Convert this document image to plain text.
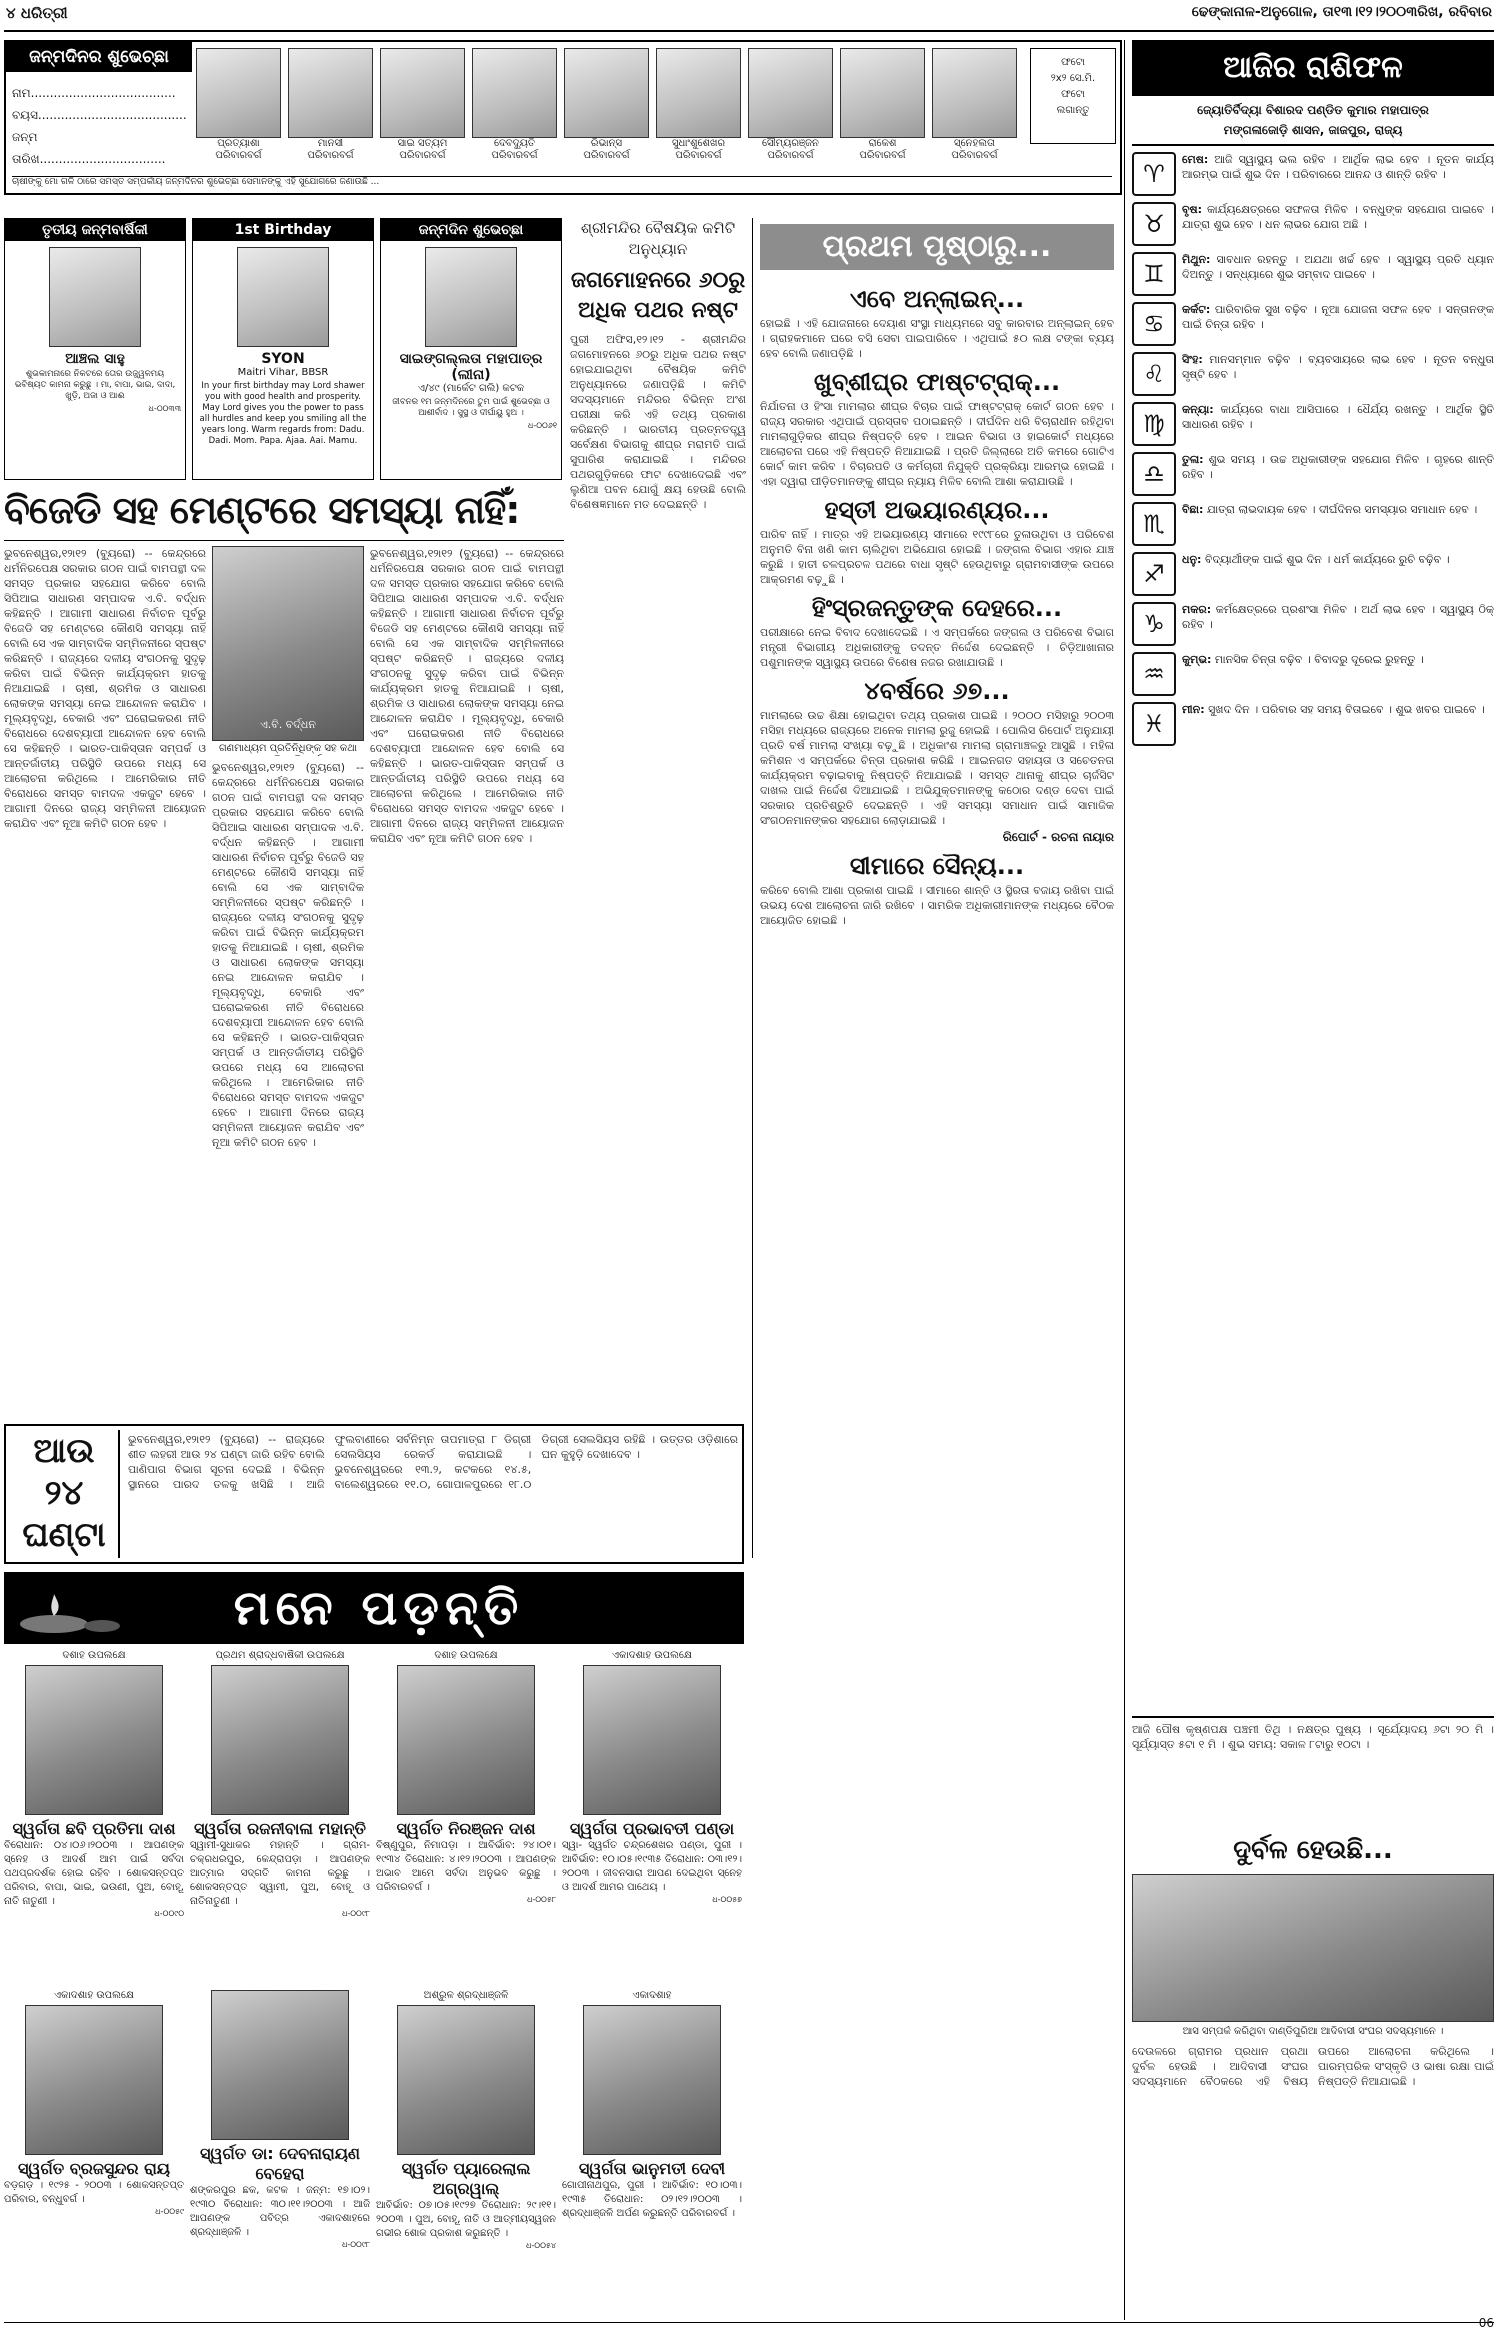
୪ ଧରିତ୍ରୀ	ଢେଙ୍କାନାଳ-ଅନୁଗୋଳ, ତା୧୩।୧୨।୨୦୦୩ରିଖ, ରବିବାର
ଜନ୍ମଦିନର ଶୁଭେଚ୍ଛା
ନାମ......................................
ବୟସ.......................................
ଜନ୍ମ ତାରିଖ.................................
ପ୍ରତ୍ୟାଶା
ପରିବାରବର୍ଗ
ମାନସୀ
ପରିବାରବର୍ଗ
ସାଇ ସତ୍ୟମ
ପରିବାରବର୍ଗ
ଦେବଦ୍ୟୁତି
ପରିବାରବର୍ଗ
ରିଭାନ୍ସ
ପରିବାରବର୍ଗ
ସୁଧାଂଶୁଶେଖର
ପରିବାରବର୍ଗ
ସୌମ୍ୟରଞ୍ଜନ
ପରିବାରବର୍ଗ
ରାକେଶ
ପରିବାରବର୍ଗ
ସ୍ନେହଲତା
ପରିବାରବର୍ଗ
ଫଟୋ
୨x୨ ସେ.ମି.
ଫଟୋ
ଲଗାନ୍ତୁ
ଚାଷୀଙ୍କୁ ମୋ ଗଳି ଠାରେ ସମସ୍ତ ସମ୍ପର୍କୀୟ ଜନ୍ମଦିନର ଶୁଭେଚ୍ଛା ସେମାନଙ୍କୁ ଏହି ସୁଯୋଗରେ ଜଣାଉଛି ...
ତୃତୀୟ ଜନ୍ମବାର୍ଷିକୀ
ଆଞ୍ଚଲ ସାହୁ
ଶୁଭକାମନାରେ ନିକଟରେ ତୋର ଉଜ୍ଜ୍ୱଳମୟ ଭବିଷ୍ୟତ କାମନା କରୁଛୁ । ମା, ବାପା, ଭାଇ, ଦାଦା, ଖୁଡ଼ି, ଅଜା ଓ ଆଈ
ଧ-୦୦୩୩
1st Birthday
SYON
Maitri Vihar, BBSR
In your first birthday may Lord shawer you with good health and prosperity. May Lord gives you the power to pass all hurdles and keep you smiling all the years long. Warm regards from: Dadu. Dadi. Mom. Papa. Ajaa. Aai. Mamu.
ଜନ୍ମଦିନ ଶୁଭେଚ୍ଛା
ସାଇଙ୍ଗଲ୍ଲତା ମହାପାତ୍ର (ଲୀନା)
ଏ/୪୯ (ମାର୍କେଟ ଗଲି) କଟକ
ଜୀବନର ୧ମ ଜନ୍ମଦିନରେ ତୁମ ପାଇଁ ଶୁଭେଚ୍ଛା ଓ ଆଶୀର୍ବାଦ । ସୁସ୍ଥ ଓ ଦୀର୍ଘାୟୁ ହୁଅ ।
ଧ-୦୦୬୧
ଶ୍ରୀମନ୍ଦିର ବୈଷୟିକ କମିଟି ଅନୁଧ୍ୟାନ
ଜଗମୋହନରେ ୬୦ରୁ ଅଧିକ ପଥର ନଷ୍ଟ
ପୁରୀ ଅଫିସ,୧୨।୧୨ - ଶ୍ରୀମନ୍ଦିର ଜଗମୋହନରେ ୬୦ରୁ ଅଧିକ ପଥର ନଷ୍ଟ ହୋଇଯାଇଥିବା ବୈଷୟିକ କମିଟି ଅନୁଧ୍ୟାନରେ ଜଣାପଡ଼ିଛି । କମିଟି ସଦସ୍ୟମାନେ ମନ୍ଦିରର ବିଭିନ୍ନ ଅଂଶ ପରୀକ୍ଷା କରି ଏହି ତଥ୍ୟ ପ୍ରକାଶ କରିଛନ୍ତି । ଭାରତୀୟ ପ୍ରତ୍ନତତ୍ତ୍ୱ ସର୍ବେକ୍ଷଣ ବିଭାଗକୁ ଶୀଘ୍ର ମରାମତି ପାଇଁ ସୁପାରିଶ କରାଯାଇଛି । ମନ୍ଦିରର ପଥରଗୁଡ଼ିକରେ ଫାଟ ଦେଖାଦେଇଛି ଏବଂ ଲୁଣିଆ ପବନ ଯୋଗୁଁ କ୍ଷୟ ହେଉଛି ବୋଲି ବିଶେଷଜ୍ଞମାନେ ମତ ଦେଇଛନ୍ତି ।
ବିଜେଡି ସହ ମେଣ୍ଟରେ ସମସ୍ୟା ନାହିଁ:
ଭୁବନେଶ୍ୱର,୧୨ା୧୨ (ବ୍ୟୁରୋ) -- କେନ୍ଦ୍ରରେ ଧର୍ମନିରପେକ୍ଷ ସରକାର ଗଠନ ପାଇଁ ବାମପନ୍ଥୀ ଦଳ ସମସ୍ତ ପ୍ରକାର ସହଯୋଗ କରିବେ ବୋଲି ସିପିଆଇ ସାଧାରଣ ସମ୍ପାଦକ ଏ.ବି. ବର୍ଦ୍ଧନ କହିଛନ୍ତି । ଆଗାମୀ ସାଧାରଣ ନିର୍ବାଚନ ପୂର୍ବରୁ ବିଜେଡି ସହ ମେଣ୍ଟରେ କୌଣସି ସମସ୍ୟା ନାହିଁ ବୋଲି ସେ ଏକ ସାମ୍ବାଦିକ ସମ୍ମିଳନୀରେ ସ୍ପଷ୍ଟ କରିଛନ୍ତି । ରାଜ୍ୟରେ ଦଳୀୟ ସଂଗଠନକୁ ସୁଦୃଢ଼ କରିବା ପାଇଁ ବିଭିନ୍ନ କାର୍ଯ୍ୟକ୍ରମ ହାତକୁ ନିଆଯାଇଛି । ଚାଷୀ, ଶ୍ରମିକ ଓ ସାଧାରଣ ଲୋକଙ୍କ ସମସ୍ୟା ନେଇ ଆନ୍ଦୋଳନ କରାଯିବ । ମୂଲ୍ୟବୃଦ୍ଧି, ବେକାରି ଏବଂ ଘରୋଇକରଣ ନୀତି ବିରୋଧରେ ଦେଶବ୍ୟାପୀ ଆନ୍ଦୋଳନ ହେବ ବୋଲି ସେ କହିଛନ୍ତି । ଭାରତ-ପାକିସ୍ତାନ ସମ୍ପର୍କ ଓ ଆନ୍ତର୍ଜାତୀୟ ପରିସ୍ଥିତି ଉପରେ ମଧ୍ୟ ସେ ଆଲୋଚନା କରିଥିଲେ । ଆମେରିକାର ନୀତି ବିରୋଧରେ ସମସ୍ତ ବାମଦଳ ଏକଜୁଟ ହେବେ । ଆଗାମୀ ଦିନରେ ରାଜ୍ୟ ସମ୍ମିଳନୀ ଆୟୋଜନ କରାଯିବ ଏବଂ ନୂଆ କମିଟି ଗଠନ ହେବ ।
ଏ.ବି. ବର୍ଦ୍ଧନ
ଗଣମାଧ୍ୟମ ପ୍ରତିନିଧିଙ୍କ ସହ କଥା
ଭୁବନେଶ୍ୱର,୧୨ା୧୨ (ବ୍ୟୁରୋ) -- କେନ୍ଦ୍ରରେ ଧର୍ମନିରପେକ୍ଷ ସରକାର ଗଠନ ପାଇଁ ବାମପନ୍ଥୀ ଦଳ ସମସ୍ତ ପ୍ରକାର ସହଯୋଗ କରିବେ ବୋଲି ସିପିଆଇ ସାଧାରଣ ସମ୍ପାଦକ ଏ.ବି. ବର୍ଦ୍ଧନ କହିଛନ୍ତି । ଆଗାମୀ ସାଧାରଣ ନିର୍ବାଚନ ପୂର୍ବରୁ ବିଜେଡି ସହ ମେଣ୍ଟରେ କୌଣସି ସମସ୍ୟା ନାହିଁ ବୋଲି ସେ ଏକ ସାମ୍ବାଦିକ ସମ୍ମିଳନୀରେ ସ୍ପଷ୍ଟ କରିଛନ୍ତି । ରାଜ୍ୟରେ ଦଳୀୟ ସଂଗଠନକୁ ସୁଦୃଢ଼ କରିବା ପାଇଁ ବିଭିନ୍ନ କାର୍ଯ୍ୟକ୍ରମ ହାତକୁ ନିଆଯାଇଛି । ଚାଷୀ, ଶ୍ରମିକ ଓ ସାଧାରଣ ଲୋକଙ୍କ ସମସ୍ୟା ନେଇ ଆନ୍ଦୋଳନ କରାଯିବ । ମୂଲ୍ୟବୃଦ୍ଧି, ବେକାରି ଏବଂ ଘରୋଇକରଣ ନୀତି ବିରୋଧରେ ଦେଶବ୍ୟାପୀ ଆନ୍ଦୋଳନ ହେବ ବୋଲି ସେ କହିଛନ୍ତି । ଭାରତ-ପାକିସ୍ତାନ ସମ୍ପର୍କ ଓ ଆନ୍ତର୍ଜାତୀୟ ପରିସ୍ଥିତି ଉପରେ ମଧ୍ୟ ସେ ଆଲୋଚନା କରିଥିଲେ । ଆମେରିକାର ନୀତି ବିରୋଧରେ ସମସ୍ତ ବାମଦଳ ଏକଜୁଟ ହେବେ । ଆଗାମୀ ଦିନରେ ରାଜ୍ୟ ସମ୍ମିଳନୀ ଆୟୋଜନ କରାଯିବ ଏବଂ ନୂଆ କମିଟି ଗଠନ ହେବ ।
ଭୁବନେଶ୍ୱର,୧୨ା୧୨ (ବ୍ୟୁରୋ) -- କେନ୍ଦ୍ରରେ ଧର୍ମନିରପେକ୍ଷ ସରକାର ଗଠନ ପାଇଁ ବାମପନ୍ଥୀ ଦଳ ସମସ୍ତ ପ୍ରକାର ସହଯୋଗ କରିବେ ବୋଲି ସିପିଆଇ ସାଧାରଣ ସମ୍ପାଦକ ଏ.ବି. ବର୍ଦ୍ଧନ କହିଛନ୍ତି । ଆଗାମୀ ସାଧାରଣ ନିର୍ବାଚନ ପୂର୍ବରୁ ବିଜେଡି ସହ ମେଣ୍ଟରେ କୌଣସି ସମସ୍ୟା ନାହିଁ ବୋଲି ସେ ଏକ ସାମ୍ବାଦିକ ସମ୍ମିଳନୀରେ ସ୍ପଷ୍ଟ କରିଛନ୍ତି । ରାଜ୍ୟରେ ଦଳୀୟ ସଂଗଠନକୁ ସୁଦୃଢ଼ କରିବା ପାଇଁ ବିଭିନ୍ନ କାର୍ଯ୍ୟକ୍ରମ ହାତକୁ ନିଆଯାଇଛି । ଚାଷୀ, ଶ୍ରମିକ ଓ ସାଧାରଣ ଲୋକଙ୍କ ସମସ୍ୟା ନେଇ ଆନ୍ଦୋଳନ କରାଯିବ । ମୂଲ୍ୟବୃଦ୍ଧି, ବେକାରି ଏବଂ ଘରୋଇକରଣ ନୀତି ବିରୋଧରେ ଦେଶବ୍ୟାପୀ ଆନ୍ଦୋଳନ ହେବ ବୋଲି ସେ କହିଛନ୍ତି । ଭାରତ-ପାକିସ୍ତାନ ସମ୍ପର୍କ ଓ ଆନ୍ତର୍ଜାତୀୟ ପରିସ୍ଥିତି ଉପରେ ମଧ୍ୟ ସେ ଆଲୋଚନା କରିଥିଲେ । ଆମେରିକାର ନୀତି ବିରୋଧରେ ସମସ୍ତ ବାମଦଳ ଏକଜୁଟ ହେବେ । ଆଗାମୀ ଦିନରେ ରାଜ୍ୟ ସମ୍ମିଳନୀ ଆୟୋଜନ କରାଯିବ ଏବଂ ନୂଆ କମିଟି ଗଠନ ହେବ ।
ଆଉ ୨୪ ଘଣ୍ଟା
ଭୁବନେଶ୍ୱର,୧୨ା୧୨ (ବ୍ୟୁରୋ) -- ରାଜ୍ୟରେ ଶୀତ ଲହରୀ ଆଉ ୨୪ ଘଣ୍ଟା ଜାରି ରହିବ ବୋଲି ପାଣିପାଗ ବିଭାଗ ସୂଚନା ଦେଇଛି । ବିଭିନ୍ନ ସ୍ଥାନରେ ପାରଦ ତଳକୁ ଖସିଛି । ଆଜି ଫୁଲବାଣୀରେ ସର୍ବନିମ୍ନ ତାପମାତ୍ରା ୮ ଡିଗ୍ରୀ ସେଲସିୟସ ରେକର୍ଡ କରାଯାଇଛି । ଭୁବନେଶ୍ୱରରେ ୧୩.୨, କଟକରେ ୧୪.୫, ବାଲେଶ୍ୱରରେ ୧୧.୦, ଗୋପାଳପୁରରେ ୧୮.୦ ଡିଗ୍ରୀ ସେଲସିୟସ ରହିଛି । ଉତ୍ତର ଓଡ଼ିଶାରେ ଘନ କୁହୁଡ଼ି ଦେଖାଦେବ ।
ମନେ ପଡ଼ନ୍ତି
ଦଶାହ ଉପଲକ୍ଷେ
ସ୍ୱର୍ଗତା ଛବି ପ୍ରତିମା ଦାଶ
ବିରୋଧାନ: ୦୪।୦୬।୨୦୦୩ । ଆପଣଙ୍କ ସ୍ନେହ ଓ ଆଦର୍ଶ ଆମ ପାଇଁ ସର୍ବଦା ପଥପ୍ରଦର୍ଶକ ହୋଇ ରହିବ । ଶୋକସନ୍ତପ୍ତ ପରିବାର, ବାପା, ଭାଇ, ଭଉଣୀ, ପୁଅ, ବୋହୂ, ନାତି ନାତୁଣୀ ।
ଧ-୦୦୯୦
ପ୍ରଥମ ଶ୍ରାଦ୍ଧବାର୍ଷିକୀ ଉପଲକ୍ଷେ
ସ୍ୱର୍ଗତା ରଜନୀବାଳା ମହାନ୍ତି
ସ୍ୱାମୀ-ସୁଧାକର ମହାନ୍ତି । ଗ୍ରାମ-ଚକ୍ରଧରପୁର, କେନ୍ଦ୍ରାପଡ଼ା । ଆପଣଙ୍କ ଆତ୍ମାର ସଦ୍‌ଗତି କାମନା କରୁଛୁ । ଶୋକସନ୍ତପ୍ତ ସ୍ୱାମୀ, ପୁଅ, ବୋହୂ ଓ ନାତିନାତୁଣୀ ।
ଧ-୦୦୯୮
ଦଶାହ ଉପଲକ୍ଷେ
ସ୍ୱର୍ଗତ ନିରଞ୍ଜନ ଦାଶ
ବିଷ୍ଣୁପୁର, ନିମାପଡ଼ା । ଆବିର୍ଭାବ: ୨୪।୦୧।୧୯୩୪ ତିରୋଧାନ: ୪।୧୨।୨୦୦୩ । ଆପଣଙ୍କ ଅଭାବ ଆମେ ସର୍ବଦା ଅନୁଭବ କରୁଛୁ । ପରିବାରବର୍ଗ ।
ଧ-୦୦୫୮
ଏକାଦଶାହ ଉପଲକ୍ଷେ
ସ୍ୱର୍ଗତା ପ୍ରଭାବତୀ ପଣ୍ଡା
ସ୍ୱା- ସ୍ୱର୍ଗତ ଚନ୍ଦ୍ରଶେଖର ପଣ୍ଡା, ପୁରୀ । ଆବିର୍ଭାବ: ୧୦।୦୫।୧୯୩୫ ତିରୋଧାନ: ୦୩।୧୨।୨୦୦୩ । ଜୀବନସାରା ଆପଣ ଦେଇଥିବା ସ୍ନେହ ଓ ଆଦର୍ଶ ଆମର ପାଥେୟ ।
ଧ-୦୦୫୭
ଏକାଦଶାହ ଉପଲକ୍ଷେ
ସ୍ୱର୍ଗତ ବ୍ରଜସୁନ୍ଦର ରାୟ
ବଡ଼ଗଡ଼ । ୧୯୨୫ - ୨୦୦୩ । ଶୋକସନ୍ତପ୍ତ ପରିବାର, ବନ୍ଧୁବର୍ଗ ।
ଧ-୦୦୫୯
ସ୍ୱର୍ଗତ ଡା: ଦେବନାରାୟଣ ବେହେରା
ଶଙ୍କରପୁର ଛକ, କଟକ । ଜନ୍ମ: ୧୭।୦୨।୧୯୩୦ ବିରୋଧାନ: ୩୦।୧୧।୨୦୦୩ । ଆଜି ଆପଣଙ୍କ ପବିତ୍ର ଏକାଦଶାହରେ ଶ୍ରଦ୍ଧାଞ୍ଜଳି ।
ଧ-୦୦୯୮
ଅଶ୍ରୁଳ ଶ୍ରଦ୍ଧାଞ୍ଜଳି
ସ୍ୱର୍ଗତ ପ୍ୟାରେଲାଲ ଅଗ୍ରୱାଲ୍
ଆବିର୍ଭାବ: ୦୭।୦୫।୧୯୨୭ ତିରୋଧାନ: ୨୯।୧୧।୨୦୦୩ । ପୁଅ, ବୋହୂ, ନାତି ଓ ଆତ୍ମୀୟସ୍ୱଜନ ଗଭୀର ଶୋକ ପ୍ରକାଶ କରୁଛନ୍ତି ।
ଧ-୦୦୫୪
ଏକାଦଶାହ
ସ୍ୱର୍ଗତା ଭାନୁମତୀ ଦେବୀ
ଗୋପୀନାଥପୁର, ପୁରୀ । ଆବିର୍ଭାବ: ୧୦।୦୩।୧୯୩୫ ତିରୋଧାନ: ୦୨।୧୨।୨୦୦୩ । ଶ୍ରଦ୍ଧାଞ୍ଜଳି ଅର୍ପଣ କରୁଛନ୍ତି ପରିବାରବର୍ଗ ।
ପ୍ରଥମ ପୃଷ୍ଠାରୁ...
ଏବେ ଅନ୍‌ଲାଇନ୍...
ହୋଇଛି । ଏହି ଯୋଜନାରେ ଦେୟାଣ ସଂସ୍ଥା ମାଧ୍ୟମରେ ସବୁ କାରବାର ଅନ୍‌ଲାଇନ୍ ହେବ । ଗ୍ରାହକମାନେ ଘରେ ବସି ସେବା ପାଇପାରିବେ । ଏଥିପାଇଁ ୫୦ ଲକ୍ଷ ଟଙ୍କା ବ୍ୟୟ ହେବ ବୋଲି ଜଣାପଡ଼ିଛି ।
ଖୁବ୍‌ଶୀଘ୍ର ଫାଷ୍ଟଟ୍ରାକ୍...
ନିର୍ଯାତନା ଓ ହିଂସା ମାମଲାର ଶୀଘ୍ର ବିଚାର ପାଇଁ ଫାଷ୍ଟଟ୍ରାକ୍ କୋର୍ଟ ଗଠନ ହେବ । ରାଜ୍ୟ ସରକାର ଏଥିପାଇଁ ପ୍ରସ୍ତାବ ପଠାଇଛନ୍ତି । ଦୀର୍ଘଦିନ ଧରି ବିଚାରାଧୀନ ରହିଥିବା ମାମଲାଗୁଡ଼ିକର ଶୀଘ୍ର ନିଷ୍ପତ୍ତି ହେବ । ଆଇନ ବିଭାଗ ଓ ହାଇକୋର୍ଟ ମଧ୍ୟରେ ଆଲୋଚନା ପରେ ଏହି ନିଷ୍ପତ୍ତି ନିଆଯାଇଛି । ପ୍ରତି ଜିଲ୍ଲାରେ ଅତି କମରେ ଗୋଟିଏ କୋର୍ଟ କାମ କରିବ । ବିଚାରପତି ଓ କର୍ମଚାରୀ ନିଯୁକ୍ତି ପ୍ରକ୍ରିୟା ଆରମ୍ଭ ହୋଇଛି । ଏହା ଦ୍ୱାରା ପୀଡ଼ିତମାନଙ୍କୁ ଶୀଘ୍ର ନ୍ୟାୟ ମିଳିବ ବୋଲି ଆଶା କରାଯାଉଛି ।
ହସ୍ତୀ ଅଭୟାରଣ୍ୟର...
ପାରିବ ନାହିଁ । ମାତ୍ର ଏହି ଅଭୟାରଣ୍ୟ ସୀମାରେ ୧୯୯୮ରେ ତୁଳାଉଥିବା ଓ ପରିବେଶ ଅନୁମତି ବିନା ଖଣି କାମ ଚାଲିଥିବା ଅଭିଯୋଗ ହୋଇଛି । ଜଙ୍ଗଲ ବିଭାଗ ଏହାର ଯାଞ୍ଚ କରୁଛି । ହାତୀ ଚଳପ୍ରଚଳ ପଥରେ ବାଧା ସୃଷ୍ଟି ହେଉଥିବାରୁ ଗ୍ରାମବାସୀଙ୍କ ଉପରେ ଆକ୍ରମଣ ବଢ଼ୁଛି ।
ହିଂସ୍ରଜନ୍ତୁଙ୍କ ଦେହରେ...
ପରୀକ୍ଷାରେ ନେଇ ବିବାଦ ଦେଖାଦେଇଛି । ଏ ସମ୍ପର୍କରେ ଜଙ୍ଗଲ ଓ ପରିବେଶ ବିଭାଗ ମନ୍ତ୍ରୀ ବିଭାଗୀୟ ଅଧିକାରୀଙ୍କୁ ତଦନ୍ତ ନିର୍ଦ୍ଦେଶ ଦେଇଛନ୍ତି । ଚିଡ଼ିଆଖାନାର ପଶୁମାନଙ୍କ ସ୍ୱାସ୍ଥ୍ୟ ଉପରେ ବିଶେଷ ନଜର ରଖାଯାଉଛି ।
୪ବର୍ଷରେ ୬୭...
ମାମଲାରେ ଉଚ୍ଚ ଶିକ୍ଷା ହୋଇଥିବା ତଥ୍ୟ ପ୍ରକାଶ ପାଇଛି । ୨୦୦୦ ମସିହାରୁ ୨୦୦୩ ମସିହା ମଧ୍ୟରେ ରାଜ୍ୟରେ ଅନେକ ମାମଲା ରୁଜୁ ହୋଇଛି । ପୋଲିସ ରିପୋର୍ଟ ଅନୁଯାୟୀ ପ୍ରତି ବର୍ଷ ମାମଲା ସଂଖ୍ୟା ବଢ଼ୁଛି । ଅଧିକାଂଶ ମାମଲା ଗ୍ରାମାଞ୍ଚଳରୁ ଆସୁଛି । ମହିଳା କମିଶନ ଏ ସମ୍ପର୍କରେ ଚିନ୍ତା ପ୍ରକାଶ କରିଛି । ଆଇନଗତ ସହାୟତା ଓ ସଚେତନତା କାର୍ଯ୍ୟକ୍ରମ ବଢ଼ାଇବାକୁ ନିଷ୍ପତ୍ତି ନିଆଯାଇଛି । ସମସ୍ତ ଥାନାକୁ ଶୀଘ୍ର ଚାର୍ଜସିଟ ଦାଖଲ ପାଇଁ ନିର୍ଦ୍ଦେଶ ଦିଆଯାଇଛି । ଅଭିଯୁକ୍ତମାନଙ୍କୁ କଠୋର ଦଣ୍ଡ ଦେବା ପାଇଁ ସରକାର ପ୍ରତିଶ୍ରୁତି ଦେଇଛନ୍ତି । ଏହି ସମସ୍ୟା ସମାଧାନ ପାଇଁ ସାମାଜିକ ସଂଗଠନମାନଙ୍କର ସହଯୋଗ ଲୋଡ଼ାଯାଇଛି ।
ରିପୋର୍ଟ - ରଚନା ନାୟାର
ସୀମାରେ ସୈନ୍ୟ...
କରିବେ ବୋଲି ଆଶା ପ୍ରକାଶ ପାଇଛି । ସୀମାରେ ଶାନ୍ତି ଓ ସ୍ଥିରତା ବଜାୟ ରଖିବା ପାଇଁ ଉଭୟ ଦେଶ ଆଲୋଚନା ଜାରି ରଖିବେ । ସାମରିକ ଅଧିକାରୀମାନଙ୍କ ମଧ୍ୟରେ ବୈଠକ ଆୟୋଜିତ ହୋଇଛି ।
ଆଜିର ରାଶିଫଳ
ଜ୍ୟୋତିର୍ବିଦ୍ୟା ବିଶାରଦ ପଣ୍ଡିତ କୁମାର ମହାପାତ୍ର
ମଙ୍ଗଳାଜୋଡ଼ି ଶାସନ, ଜାଜପୁର, ରାଜ୍ୟ
♈
ମେଷ: ଆଜି ସ୍ୱାସ୍ଥ୍ୟ ଭଲ ରହିବ । ଆର୍ଥିକ ଲାଭ ହେବ । ନୂତନ କାର୍ଯ୍ୟ ଆରମ୍ଭ ପାଇଁ ଶୁଭ ଦିନ । ପରିବାରରେ ଆନନ୍ଦ ଓ ଶାନ୍ତି ରହିବ ।
♉
ବୃଷ: କାର୍ଯ୍ୟକ୍ଷେତ୍ରରେ ସଫଳତା ମିଳିବ । ବନ୍ଧୁଙ୍କ ସହଯୋଗ ପାଇବେ । ଯାତ୍ରା ଶୁଭ ହେବ । ଧନ ଲାଭର ଯୋଗ ଅଛି ।
♊
ମିଥୁନ: ସାବଧାନ ରହନ୍ତୁ । ଅଯଥା ଖର୍ଚ୍ଚ ହେବ । ସ୍ୱାସ୍ଥ୍ୟ ପ୍ରତି ଧ୍ୟାନ ଦିଅନ୍ତୁ । ସନ୍ଧ୍ୟାରେ ଶୁଭ ସମ୍ବାଦ ପାଇବେ ।
♋
କର୍କଟ: ପାରିବାରିକ ସୁଖ ବଢ଼ିବ । ନୂଆ ଯୋଜନା ସଫଳ ହେବ । ସନ୍ତାନଙ୍କ ପାଇଁ ଚିନ୍ତା ରହିବ ।
♌
ସିଂହ: ମାନସମ୍ମାନ ବଢ଼ିବ । ବ୍ୟବସାୟରେ ଲାଭ ହେବ । ନୂତନ ବନ୍ଧୁତା ସୃଷ୍ଟି ହେବ ।
♍
କନ୍ୟା: କାର୍ଯ୍ୟରେ ବାଧା ଆସିପାରେ । ଧୈର୍ଯ୍ୟ ରଖନ୍ତୁ । ଆର୍ଥିକ ସ୍ଥିତି ସାଧାରଣ ରହିବ ।
♎
ତୁଳା: ଶୁଭ ସମୟ । ଉଚ୍ଚ ଅଧିକାରୀଙ୍କ ସହଯୋଗ ମିଳିବ । ଗୃହରେ ଶାନ୍ତି ରହିବ ।
♏
ବିଛା: ଯାତ୍ରା ଲାଭଦାୟକ ହେବ । ଦୀର୍ଘଦିନର ସମସ୍ୟାର ସମାଧାନ ହେବ ।
♐
ଧନୁ: ବିଦ୍ୟାର୍ଥୀଙ୍କ ପାଇଁ ଶୁଭ ଦିନ । ଧର୍ମ କାର୍ଯ୍ୟରେ ରୁଚି ବଢ଼ିବ ।
♑
ମକର: କର୍ମକ୍ଷେତ୍ରରେ ପ୍ରଶଂସା ମିଳିବ । ଅର୍ଥ ଲାଭ ହେବ । ସ୍ୱାସ୍ଥ୍ୟ ଠିକ୍ ରହିବ ।
♒
କୁମ୍ଭ: ମାନସିକ ଚିନ୍ତା ବଢ଼ିବ । ବିବାଦରୁ ଦୂରେଇ ରୁହନ୍ତୁ ।
♓
ମୀନ: ସୁଖଦ ଦିନ । ପରିବାର ସହ ସମୟ ବିତାଇବେ । ଶୁଭ ଖବର ପାଇବେ ।
ଆଜି ପୌଷ କୃଷ୍ଣପକ୍ଷ ପଞ୍ଚମୀ ତିଥି । ନକ୍ଷତ୍ର ପୁଷ୍ୟ । ସୂର୍ଯ୍ୟୋଦୟ ୬ଟା ୨୦ ମି । ସୂର୍ଯ୍ୟାସ୍ତ ୫ଟା ୧ ମି । ଶୁଭ ସମୟ: ସକାଳ ୮ଟାରୁ ୧୦ଟା ।
ଦୁର୍ବଳ ହେଉଛି...
ଆସ ସମ୍ପର୍କ କରିଥିବା ଦାଣ୍ଡିପୁରିଆ ଆଦିବାସୀ ସଂଘର ସଦସ୍ୟମାନେ ।
ଦେଉଳରେ ଗ୍ରାମର ପ୍ରଧାନ ପ୍ରଥା ଦୁର୍ବଳ ହେଉଛି । ଆଦିବାସୀ ସଂଘର ସଦସ୍ୟମାନେ ବୈଠକରେ ଏହି ବିଷୟ ଉପରେ ଆଲୋଚନା କରିଥିଲେ । ପାରମ୍ପରିକ ସଂସ୍କୃତି ଓ ଭାଷା ରକ୍ଷା ପାଇଁ ନିଷ୍ପତ୍ତି ନିଆଯାଇଛି ।
06
